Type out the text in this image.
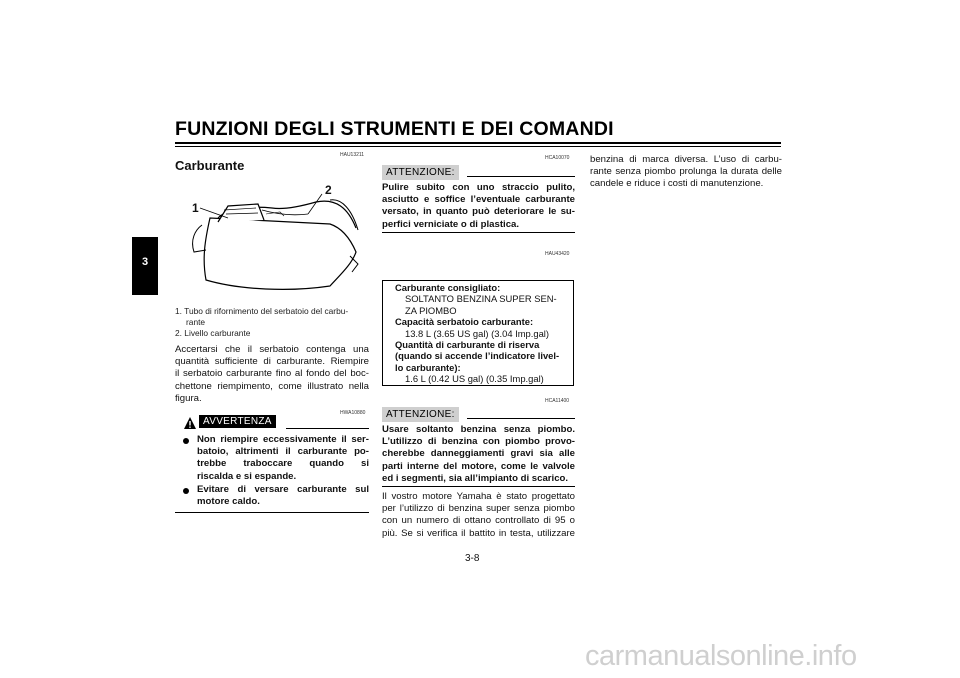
FUNZIONI DEGLI STRUMENTI E DEI COMANDI
3
HAU13211
Carburante
1
2
1. Tubo di rifornimento del serbatoio del carbu-
rante
2. Livello carburante
Accertarsi che il serbatoio contenga una
quantità sufficiente di carburante. Riempire
il serbatoio carburante fino al fondo del boc-
chettone riempimento, come illustrato nella
figura.
AVVERTENZA
HWA10880
Non riempire eccessivamente il ser-
batoio, altrimenti il carburante po-
trebbe traboccare quando si
riscalda e si espande.
Evitare di versare carburante sul
motore caldo.
HCA10070
ATTENZIONE:
Pulire subito con uno straccio pulito,
asciutto e soffice l’eventuale carburante
versato, in quanto può deteriorare le su-
perfici verniciate o di plastica.
HAU43420
Carburante consigliato:
SOLTANTO BENZINA SUPER SEN-
ZA PIOMBO
Capacità serbatoio carburante:
13.8 L (3.65 US gal) (3.04 Imp.gal)
Quantità di carburante di riserva
(quando si accende l’indicatore livel-
lo carburante):
1.6 L (0.42 US gal) (0.35 Imp.gal)
HCA11400
ATTENZIONE:
Usare soltanto benzina senza piombo.
L’utilizzo di benzina con piombo provo-
cherebbe danneggiamenti gravi sia alle
parti interne del motore, come le valvole
ed i segmenti, sia all’impianto di scarico.
Il vostro motore Yamaha è stato progettato
per l’utilizzo di benzina super senza piombo
con un numero di ottano controllato di 95 o
più. Se si verifica il battito in testa, utilizzare
benzina di marca diversa. L’uso di carbu-
rante senza piombo prolunga la durata delle
candele e riduce i costi di manutenzione.
3-8
carmanualsonline.info
